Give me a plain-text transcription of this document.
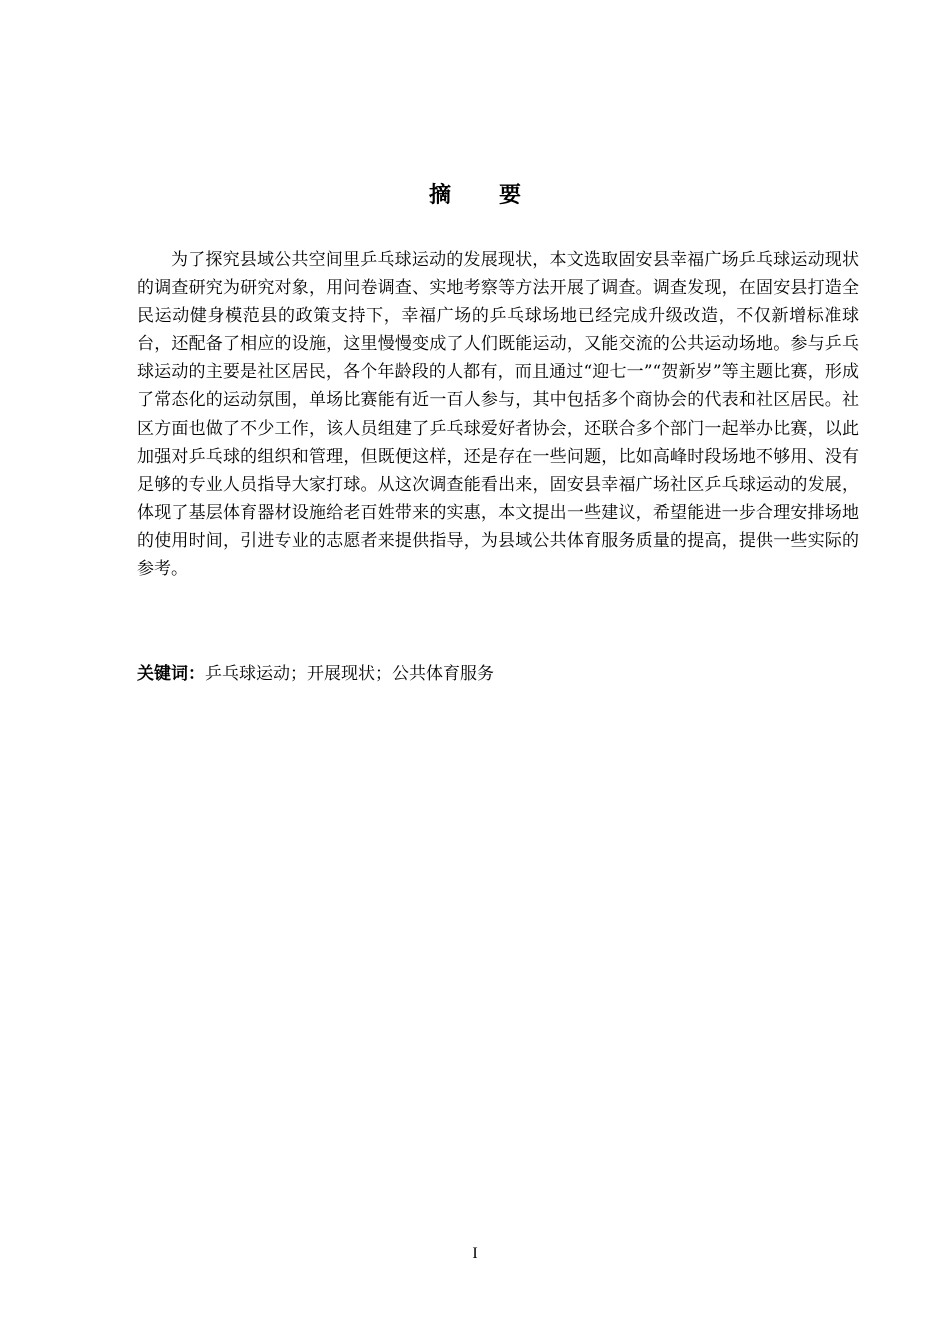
摘要

为了探究县域公共空间里乒乓球运动的发展现状，本文选取固安县幸福广场乒乓球运动现状的调查研究为研究对象，用问卷调查、实地考察等方法开展了调查。调查发现，在固安县打造全民运动健身模范县的政策支持下，幸福广场的乒乓球场地已经完成升级改造，不仅新增标准球台，还配备了相应的设施，这里慢慢变成了人们既能运动，又能交流的公共运动场地。参与乒乓球运动的主要是社区居民，各个年龄段的人都有，而且通过“迎七一”“贺新岁”等主题比赛，形成了常态化的运动氛围，单场比赛能有近一百人参与，其中包括多个商协会的代表和社区居民。社区方面也做了不少工作，该人员组建了乒乓球爱好者协会，还联合多个部门一起举办比赛，以此加强对乒乓球的组织和管理，但既便这样，还是存在一些问题，比如高峰时段场地不够用、没有足够的专业人员指导大家打球。从这次调查能看出来，固安县幸福广场社区乒乓球运动的发展，体现了基层体育器材设施给老百姓带来的实惠，本文提出一些建议，希望能进一步合理安排场地的使用时间，引进专业的志愿者来提供指导，为县域公共体育服务质量的提高，提供一些实际的参考。

关键词：乒乓球运动；开展现状；公共体育服务

I
